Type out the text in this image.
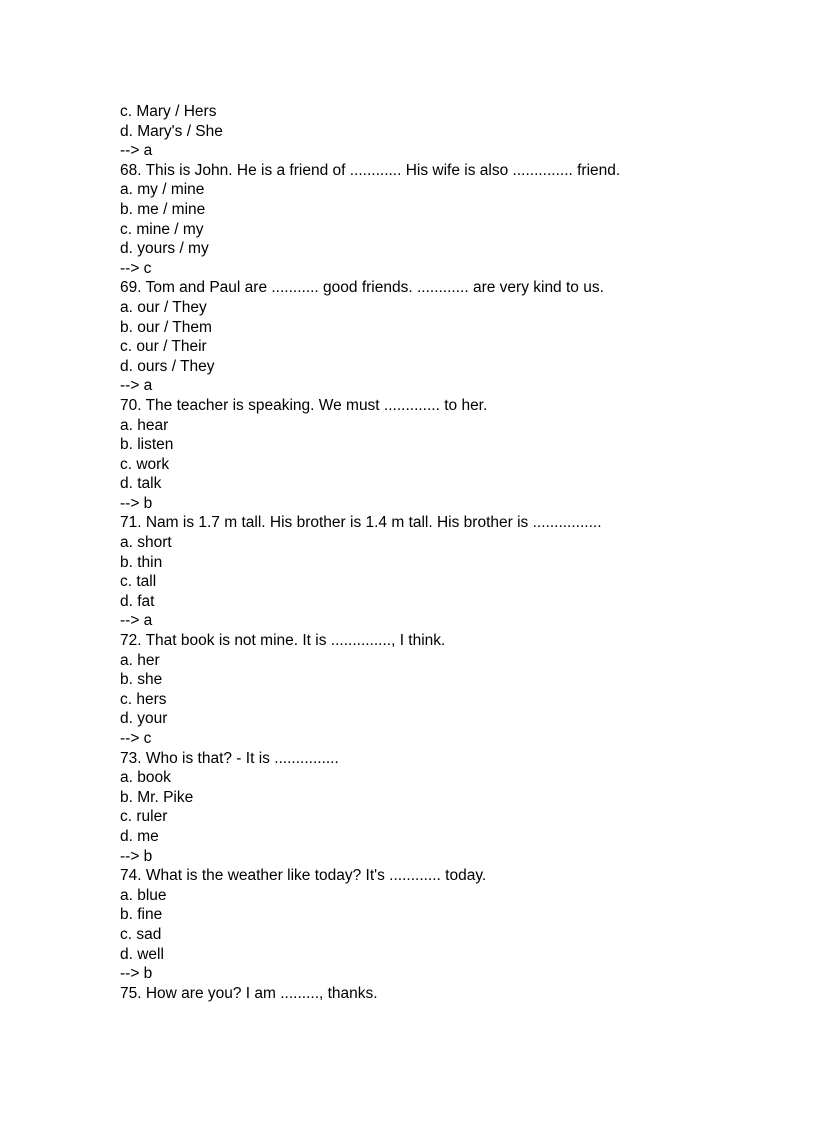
c. Mary / Hers
d. Mary's / She
--> a
68. This is John. He is a friend of ............ His wife is also .............. friend.
a. my / mine
b. me / mine
c. mine / my
d. yours / my
--> c
69. Tom and Paul are ........... good friends. ............ are very kind to us.
a. our / They
b. our / Them
c. our / Their
d. ours / They
--> a
70. The teacher is speaking. We must ............. to her.
a. hear
b. listen
c. work
d. talk
--> b
71. Nam is 1.7 m tall. His brother is 1.4 m tall. His brother is ................
a. short
b. thin
c. tall
d. fat
--> a
72. That book is not mine. It is .............., I think.
a. her
b. she
c. hers
d. your
--> c
73. Who is that? - It is ...............
a. book
b. Mr. Pike
c. ruler
d. me
--> b
74. What is the weather like today? It's ............ today.
a. blue
b. fine
c. sad
d. well
--> b
75. How are you? I am ........., thanks.
